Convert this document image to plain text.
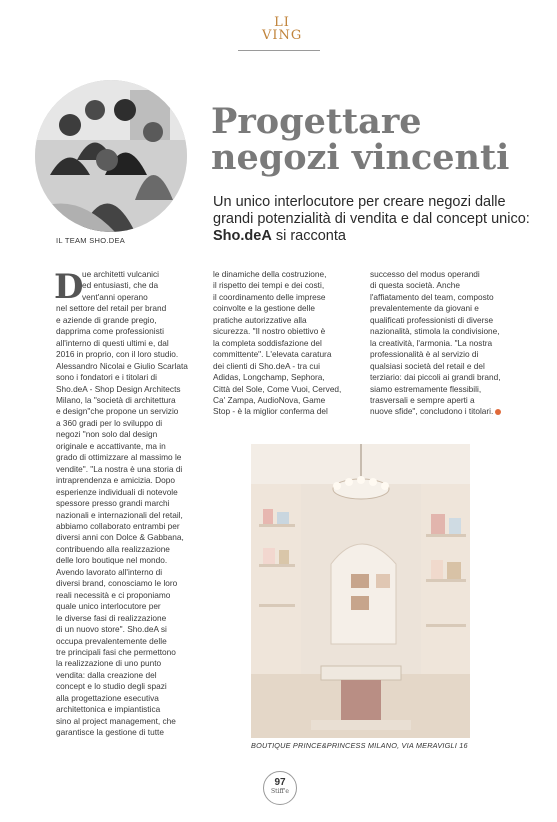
LI
VING
IL TEAM SHO.DEA
Progettare negozi vincenti

Un unico interlocutore per creare negozi dalle grandi potenzialità di vendita e dal concept unico: Sho.deA si racconta

D

ue architetti vulcanici
ed entusiasti, che da
vent'anni operano
nel settore del retail per brand
e aziende di grande pregio,
dapprima come professionisti
all'interno di questi ultimi e, dal
2016 in proprio, con il loro studio.
Alessandro Nicolai e Giulio Scarlata
sono i fondatori e i titolari di
Sho.deA - Shop Design Architects
Milano, la "società di architettura
e design"che propone un servizio
a 360 gradi per lo sviluppo di
negozi "non solo dal design
originale e accattivante, ma in
grado di ottimizzare al massimo le
vendite". "La nostra è una storia di
intraprendenza e amicizia. Dopo
esperienze individuali di notevole
spessore presso grandi marchi
nazionali e internazionali del retail,
abbiamo collaborato entrambi per
diversi anni con Dolce & Gabbana,
contribuendo alla realizzazione
delle loro boutique nel mondo.
Avendo lavorato all'interno di
diversi brand, conosciamo le loro
reali necessità e ci proponiamo
quale unico interlocutore per
le diverse fasi di realizzazione
di un nuovo store". Sho.deA si
occupa prevalentemente delle
tre principali fasi che permettono
la realizzazione di uno punto
vendita: dalla creazione del
concept e lo studio degli spazi
alla progettazione esecutiva
architettonica e impiantistica
sino al project management, che
garantisce la gestione di tutte

le dinamiche della costruzione,
il rispetto dei tempi e dei costi,
il coordinamento delle imprese
coinvolte e la gestione delle
pratiche autorizzative alla
sicurezza. "Il nostro obiettivo è
la completa soddisfazione del
committente". L'elevata caratura
dei clienti di Sho.deA - tra cui
Adidas, Longchamp, Sephora,
Città del Sole, Come Vuoi, Cerved,
Ca' Zampa, AudioNova, Game
Stop - è la miglior conferma del

successo del modus operandi
di questa società. Anche
l'affiatamento del team, composto
prevalentemente da giovani e
qualificati professionisti di diverse
nazionalità, stimola la condivisione,
la creatività, l'armonia. "La nostra
professionalità è al servizio di
qualsiasi società del retail e del
terziario: dai piccoli ai grandi brand,
siamo estremamente flessibili,
trasversali e sempre aperti a
nuove sfide", concludono i titolari.

BOUTIQUE PRINCE&PRINCESS MILANO, VIA MERAVIGLI 16
97
Stiff'e
